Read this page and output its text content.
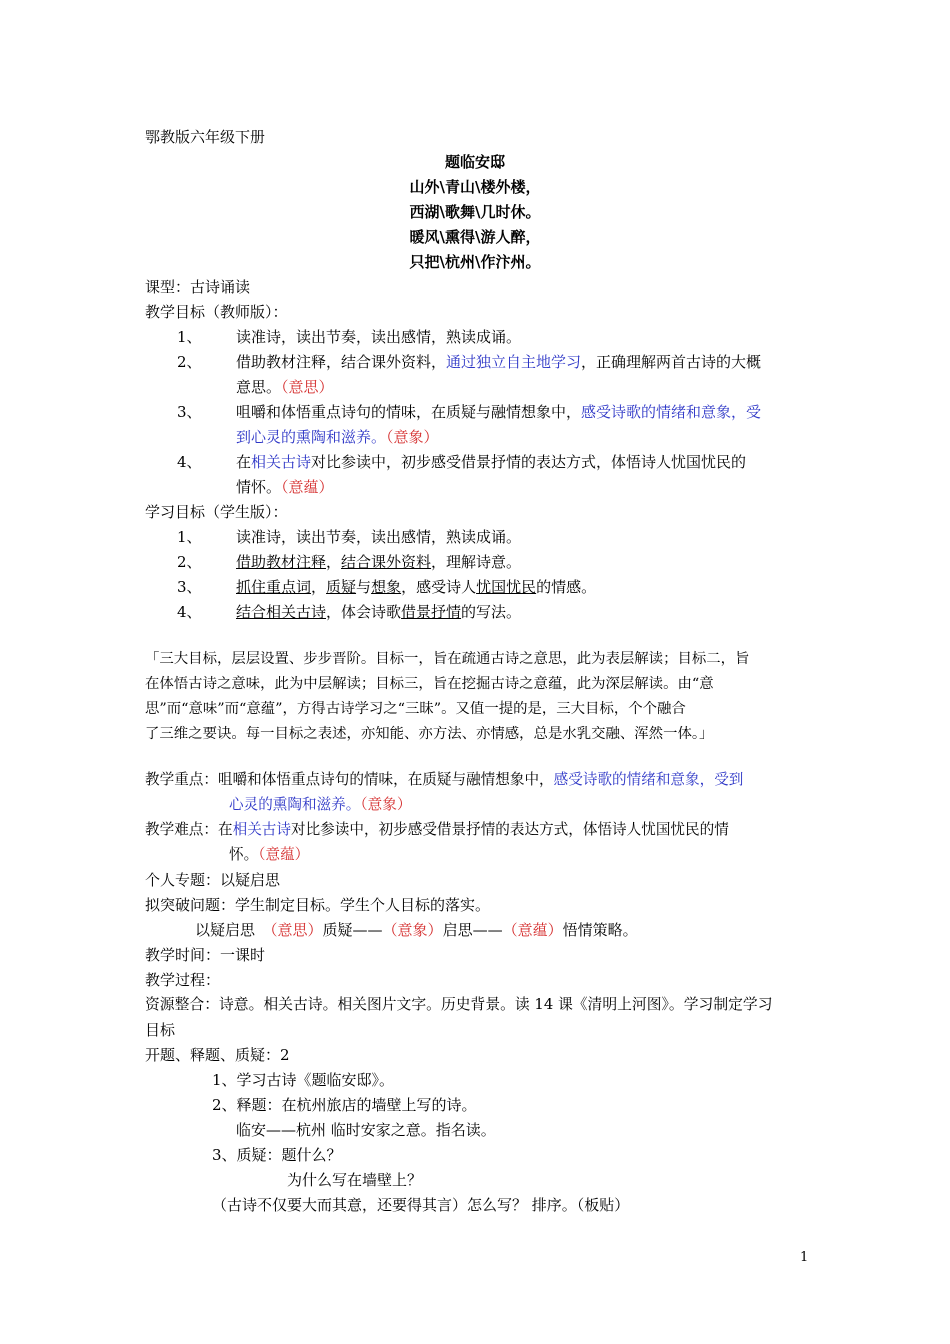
鄂教版六年级下册
题临安邸
山外\青山\楼外楼，
西湖\歌舞\几时休。
暖风\熏得\游人醉，
只把\杭州\作汴州。
课型：古诗诵读
教学目标（教师版）：
1、 读准诗，读出节奏，读出感情，熟读成诵。
2、 借助教材注释，结合课外资料，通过独立自主地学习，正确理解两首古诗的大概
意思。（意思）
3、 咀嚼和体悟重点诗句的情味，在质疑与融情想象中，感受诗歌的情绪和意象，受
到心灵的熏陶和滋养。（意象）
4、 在相关古诗对比参读中，初步感受借景抒情的表达方式，体悟诗人忧国忧民的
情怀。（意蕴）
学习目标（学生版）：
1、 读准诗，读出节奏，读出感情，熟读成诵。
2、 借助教材注释，结合课外资料，理解诗意。
3、 抓住重点词，质疑与想象，感受诗人忧国忧民的情感。
4、 结合相关古诗，体会诗歌借景抒情的写法。
「三大目标，层层设置、步步晋阶。目标一，旨在疏通古诗之意思，此为表层解读；目标二，旨
在体悟古诗之意味，此为中层解读；目标三，旨在挖掘古诗之意蕴，此为深层解读。由“意
思”而“意味”而“意蕴”，方得古诗学习之“三昧”。又值一提的是，三大目标，个个融合
了三维之要诀。每一目标之表述，亦知能、亦方法、亦情感，总是水乳交融、浑然一体。」
教学重点：咀嚼和体悟重点诗句的情味，在质疑与融情想象中，感受诗歌的情绪和意象，受到
心灵的熏陶和滋养。（意象）
教学难点：在相关古诗对比参读中，初步感受借景抒情的表达方式，体悟诗人忧国忧民的情
怀。（意蕴）
个人专题：以疑启思
拟突破问题：学生制定目标。学生个人目标的落实。
以疑启思　（意思）质疑——（意象）启思——（意蕴）悟情策略。
教学时间：一课时
教学过程：
资源整合：诗意。相关古诗。相关图片文字。历史背景。读 14 课《清明上河图》。学习制定学习
目标
开题、释题、质疑：2
1、学习古诗《题临安邸》。
2、释题：在杭州旅店的墙壁上写的诗。
临安——杭州 临时安家之意。指名读。
3、质疑：题什么？
为什么写在墙壁上？
（古诗不仅要大而其意，还要得其言）怎么写？ 排序。（板贴）
1
